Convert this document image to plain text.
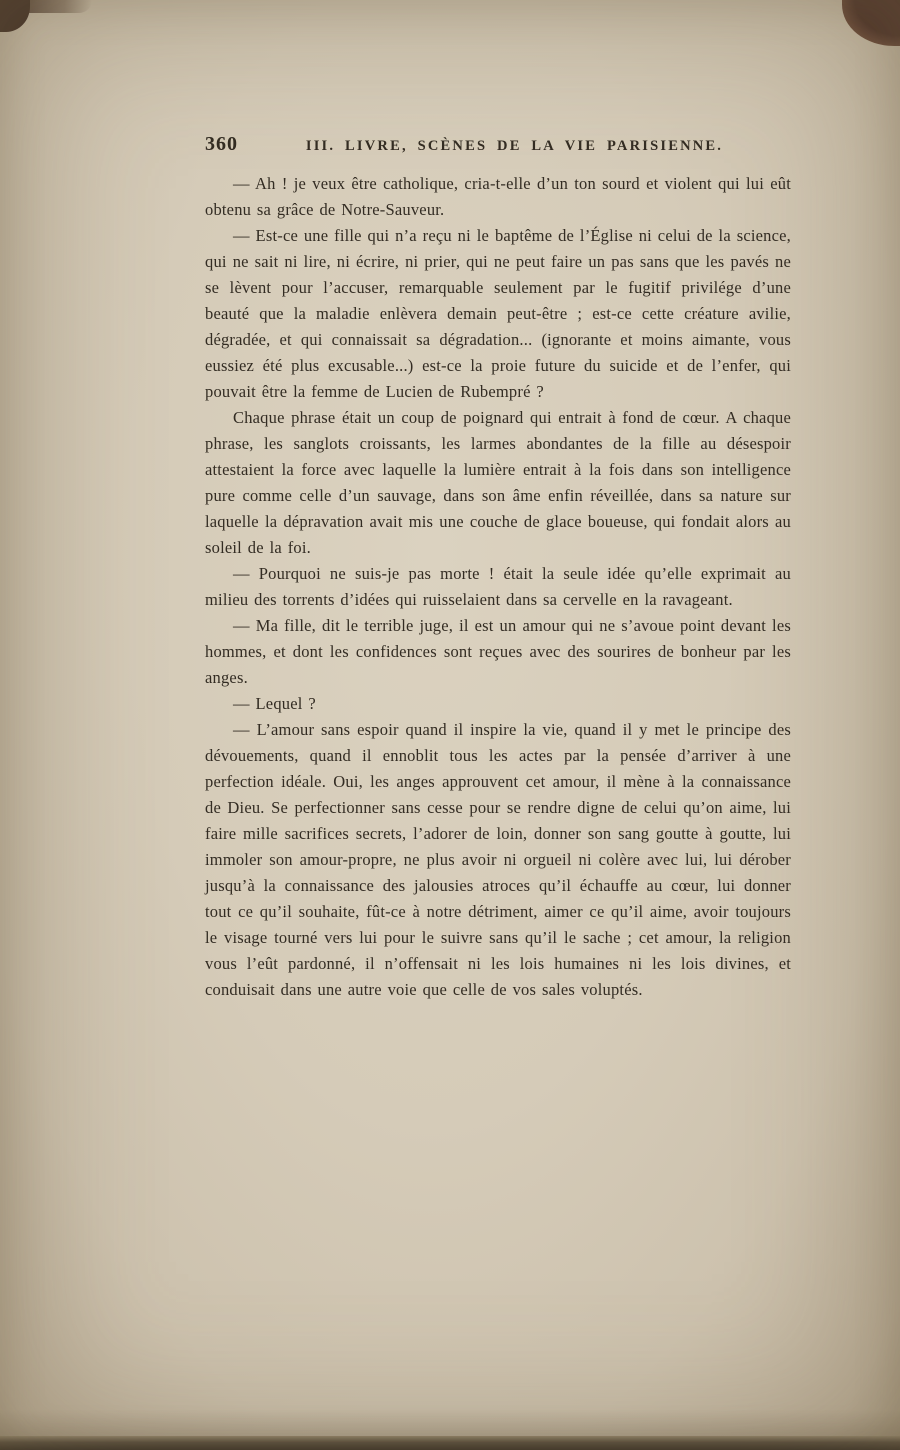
360	III. LIVRE, SCÈNES DE LA VIE PARISIENNE.

— Ah ! je veux être catholique, cria-t-elle d’un ton sourd et violent qui lui eût obtenu sa grâce de Notre-Sauveur.

— Est-ce une fille qui n’a reçu ni le baptême de l’Église ni celui de la science, qui ne sait ni lire, ni écrire, ni prier, qui ne peut faire un pas sans que les pavés ne se lèvent pour l’accuser, remarquable seulement par le fugitif privilége d’une beauté que la maladie enlèvera demain peut-être ; est-ce cette créature avilie, dégradée, et qui connaissait sa dégradation... (ignorante et moins aimante, vous eussiez été plus excusable...) est-ce la proie future du suicide et de l’enfer, qui pouvait être la femme de Lucien de Rubempré ?

Chaque phrase était un coup de poignard qui entrait à fond de cœur. A chaque phrase, les sanglots croissants, les larmes abondantes de la fille au désespoir attestaient la force avec laquelle la lumière entrait à la fois dans son intelligence pure comme celle d’un sauvage, dans son âme enfin réveillée, dans sa nature sur laquelle la dépravation avait mis une couche de glace boueuse, qui fondait alors au soleil de la foi.

— Pourquoi ne suis-je pas morte ! était la seule idée qu’elle exprimait au milieu des torrents d’idées qui ruisselaient dans sa cervelle en la ravageant.

— Ma fille, dit le terrible juge, il est un amour qui ne s’avoue point devant les hommes, et dont les confidences sont reçues avec des sourires de bonheur par les anges.

— Lequel ?

— L’amour sans espoir quand il inspire la vie, quand il y met le principe des dévouements, quand il ennoblit tous les actes par la pensée d’arriver à une perfection idéale. Oui, les anges approuvent cet amour, il mène à la connaissance de Dieu. Se perfectionner sans cesse pour se rendre digne de celui qu’on aime, lui faire mille sacrifices secrets, l’adorer de loin, donner son sang goutte à goutte, lui immoler son amour-propre, ne plus avoir ni orgueil ni colère avec lui, lui dérober jusqu’à la connaissance des jalousies atroces qu’il échauffe au cœur, lui donner tout ce qu’il souhaite, fût-ce à notre détriment, aimer ce qu’il aime, avoir toujours le visage tourné vers lui pour le suivre sans qu’il le sache ; cet amour, la religion vous l’eût pardonné, il n’offensait ni les lois humaines ni les lois divines, et conduisait dans une autre voie que celle de vos sales voluptés.
